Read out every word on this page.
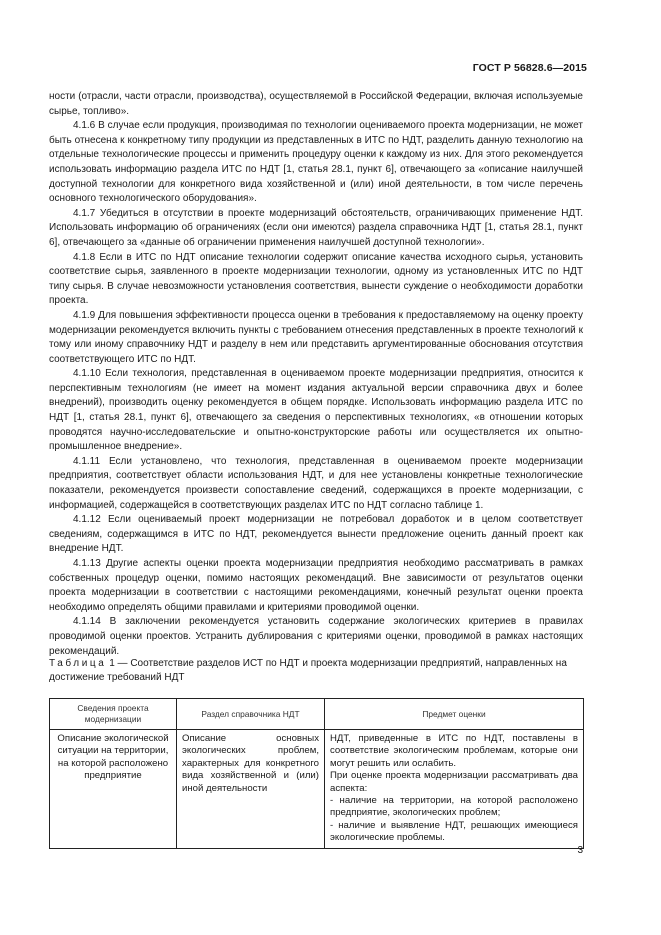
ГОСТ Р 56828.6—2015

ности (отрасли, части отрасли, производства), осуществляемой в Российской Федерации, включая используемые сырье, топливо».

4.1.6 В случае если продукция, производимая по технологии оцениваемого проекта модернизации, не может быть отнесена к конкретному типу продукции из представленных в ИТС по НДТ, разделить данную технологию на отдельные технологические процессы и применить процедуру оценки к каждому из них. Для этого рекомендуется использовать информацию раздела ИТС по НДТ [1, статья 28.1, пункт 6], отвечающего за «описание наилучшей доступной технологии для конкретного вида хозяйственной и (или) иной деятельности, в том числе перечень основного технологического оборудования».

4.1.7 Убедиться в отсутствии в проекте модернизаций обстоятельств, ограничивающих применение НДТ. Использовать информацию об ограничениях (если они имеются) раздела справочника НДТ [1, статья 28.1, пункт 6], отвечающего за «данные об ограничении применения наилучшей доступной технологии».

4.1.8 Если в ИТС по НДТ описание технологии содержит описание качества исходного сырья, установить соответствие сырья, заявленного в проекте модернизации технологии, одному из установленных ИТС по НДТ типу сырья. В случае невозможности установления соответствия, вынести суждение о необходимости доработки проекта.

4.1.9 Для повышения эффективности процесса оценки в требования к предоставляемому на оценку проекту модернизации рекомендуется включить пункты с требованием отнесения представленных в проекте технологий к тому или иному справочнику НДТ и разделу в нем или представить аргументированные обоснования отсутствия соответствующего ИТС по НДТ.

4.1.10 Если технология, представленная в оцениваемом проекте модернизации предприятия, относится к перспективным технологиям (не имеет на момент издания актуальной версии справочника двух и более внедрений), производить оценку рекомендуется в общем порядке. Использовать информацию раздела ИТС по НДТ [1, статья 28.1, пункт 6], отвечающего за сведения о перспективных технологиях, «в отношении которых проводятся научно-исследовательские и опытно-конструкторские работы или осуществляется их опытно-промышленное внедрение».

4.1.11 Если установлено, что технология, представленная в оцениваемом проекте модернизации предприятия, соответствует области использования НДТ, и для нее установлены конкретные технологические показатели, рекомендуется произвести сопоставление сведений, содержащихся в проекте модернизации, с информацией, содержащейся в соответствующих разделах ИТС по НДТ согласно таблице 1.

4.1.12 Если оцениваемый проект модернизации не потребовал доработок и в целом соответствует сведениям, содержащимся в ИТС по НДТ, рекомендуется вынести предложение оценить данный проект как внедрение НДТ.

4.1.13 Другие аспекты оценки проекта модернизации предприятия необходимо рассматривать в рамках собственных процедур оценки, помимо настоящих рекомендаций. Вне зависимости от результатов оценки проекта модернизации в соответствии с настоящими рекомендациями, конечный результат оценки проекта необходимо определять общими правилами и критериями проводимой оценки.

4.1.14 В заключении рекомендуется установить содержание экологических критериев в правилах проводимой оценки проектов. Устранить дублирования с критериями оценки, проводимой в рамках настоящих рекомендаций.

Таблица 1 — Соответствие разделов ИСТ по НДТ и проекта модернизации предприятий, направленных на достижение требований НДТ
Сведения проекта модернизации	Раздел справочника НДТ	Предмет оценки
Описание экологической ситуации на территории, на которой расположено предприятие	Описание основных экологических проблем, характерных для конкретного вида хозяйственной и (или) иной деятельности	НДТ, приведенные в ИТС по НДТ, поставлены в соответствие экологическим проблемам, которые они могут решить или ослабить.

При оценке проекта модернизации рассматривать два аспекта:

- наличие на территории, на которой расположено предприятие, экологических проблем;

- наличие и выявление НДТ, решающих имеющиеся экологические проблемы.

3
